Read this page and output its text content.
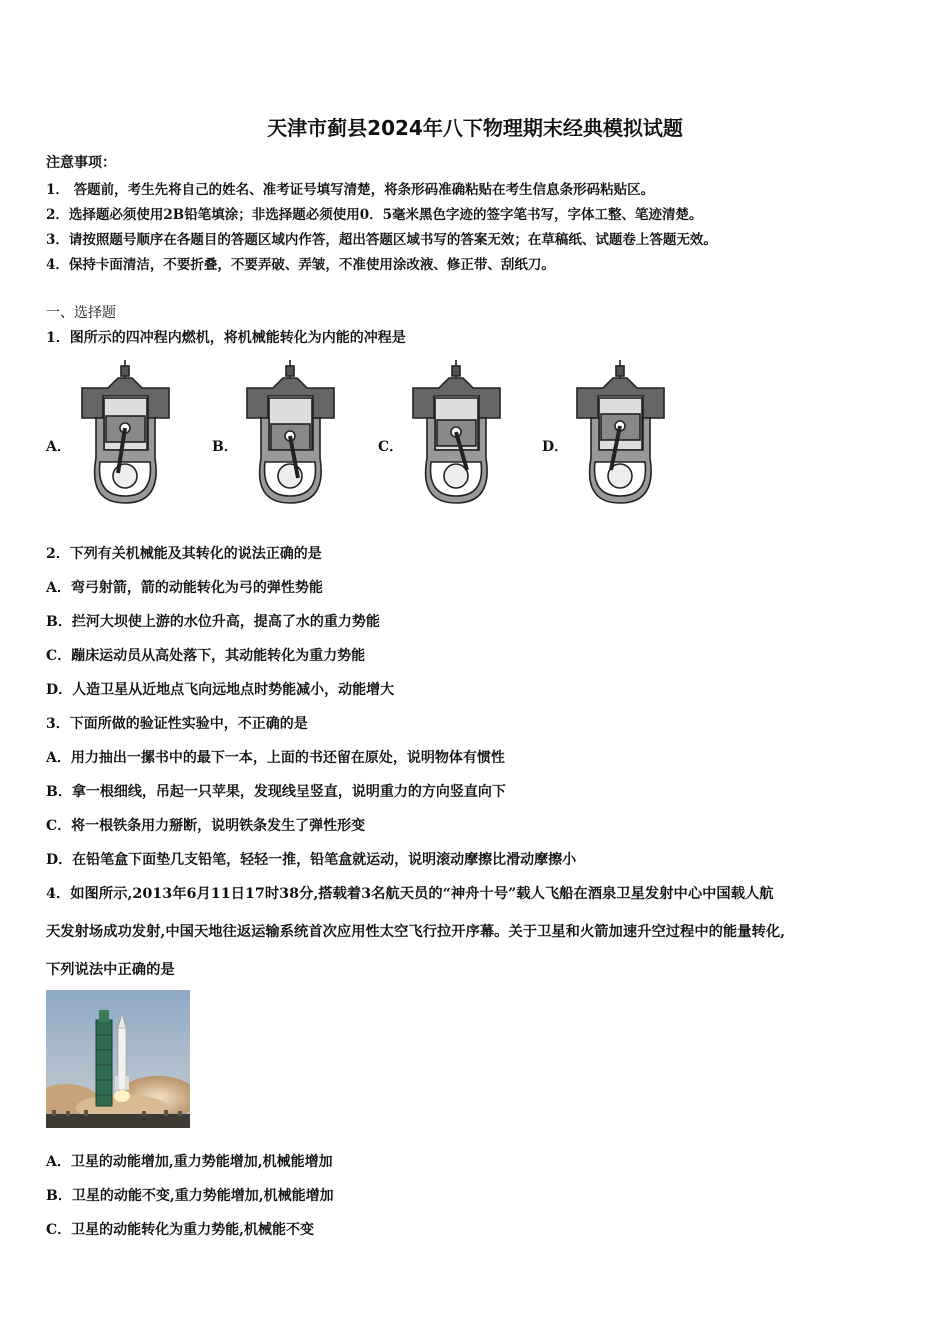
天津市蓟县2024年八下物理期末经典模拟试题
注意事项：
1． 答题前，考生先将自己的姓名、准考证号填写清楚，将条形码准确粘贴在考生信息条形码粘贴区。
2．选择题必须使用2B铅笔填涂；非选择题必须使用0．5毫米黑色字迹的签字笔书写，字体工整、笔迹清楚。
3．请按照题号顺序在各题目的答题区域内作答，超出答题区域书写的答案无效；在草稿纸、试题卷上答题无效。
4．保持卡面清洁，不要折叠，不要弄破、弄皱，不准使用涂改液、修正带、刮纸刀。
一、选择题
1．图所示的四冲程内燃机，将机械能转化为内能的冲程是
A．	B．	C．	D．
2．下列有关机械能及其转化的说法正确的是
A．弯弓射箭，箭的动能转化为弓的弹性势能
B．拦河大坝使上游的水位升高，提高了水的重力势能
C．蹦床运动员从高处落下，其动能转化为重力势能
D．人造卫星从近地点飞向远地点时势能减小，动能增大
3．下面所做的验证性实验中，不正确的是
A．用力抽出一摞书中的最下一本，上面的书还留在原处，说明物体有惯性
B．拿一根细线，吊起一只苹果，发现线呈竖直，说明重力的方向竖直向下
C．将一根铁条用力掰断，说明铁条发生了弹性形变
D．在铅笔盒下面垫几支铅笔，轻轻一推，铅笔盒就运动，说明滚动摩擦比滑动摩擦小
4．如图所示,2013年6月11日17时38分,搭载着3名航天员的“神舟十号”载人飞船在酒泉卫星发射中心中国载人航
天发射场成功发射,中国天地往返运输系统首次应用性太空飞行拉开序幕。关于卫星和火箭加速升空过程中的能量转化,
下列说法中正确的是
A．卫星的动能增加,重力势能增加,机械能增加
B．卫星的动能不变,重力势能增加,机械能增加
C．卫星的动能转化为重力势能,机械能不变
